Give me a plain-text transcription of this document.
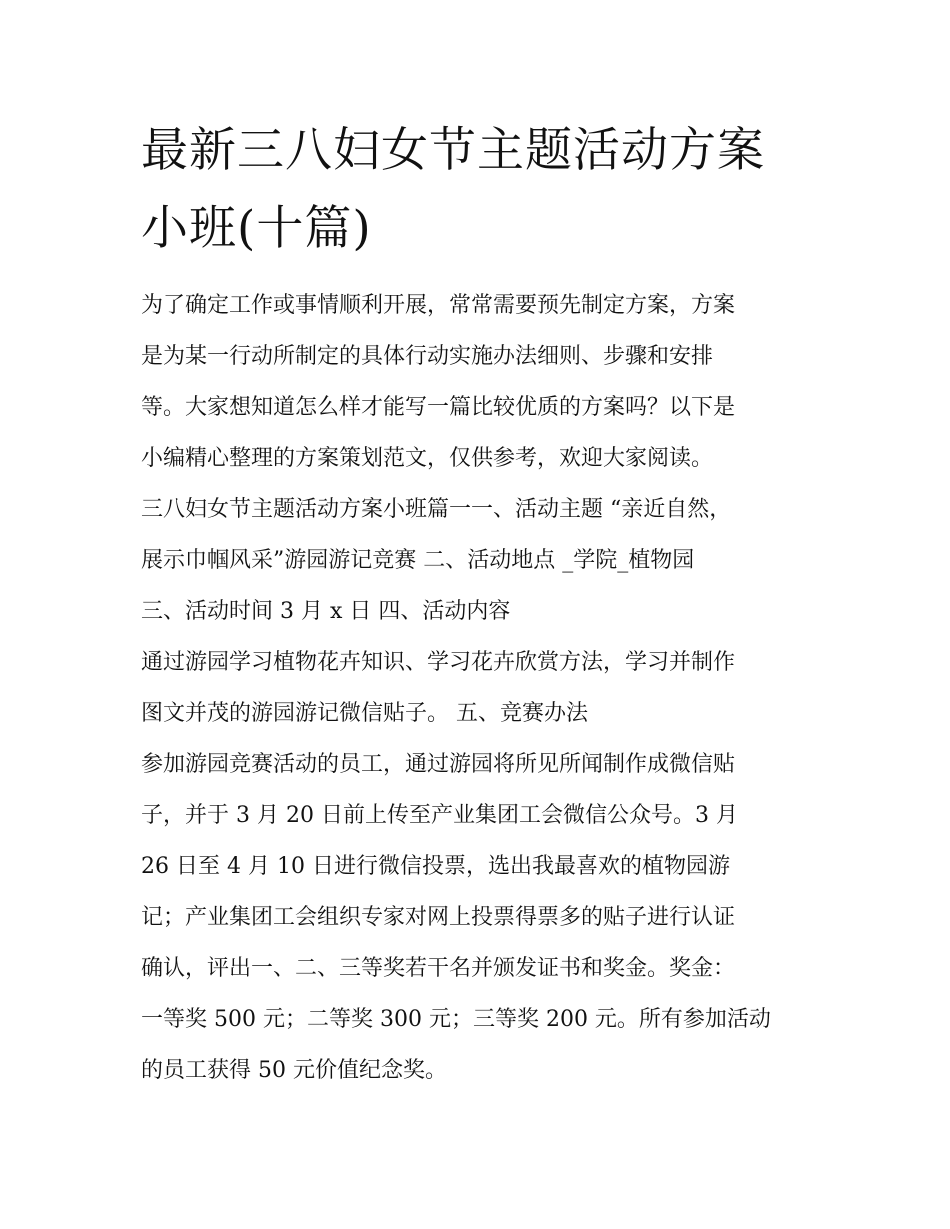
最新三八妇女节主题活动方案
小班(十篇)
为了确定工作或事情顺利开展，常常需要预先制定方案，方案
是为某一行动所制定的具体行动实施办法细则、步骤和安排
等。大家想知道怎么样才能写一篇比较优质的方案吗？以下是
小编精心整理的方案策划范文，仅供参考，欢迎大家阅读。
三八妇女节主题活动方案小班篇一一、活动主题 “亲近自然，
展示巾帼风采”游园游记竞赛 二、活动地点 _学院_植物园
三、活动时间 3 月 x 日 四、活动内容
通过游园学习植物花卉知识、学习花卉欣赏方法，学习并制作
图文并茂的游园游记微信贴子。 五、竞赛办法
参加游园竞赛活动的员工，通过游园将所见所闻制作成微信贴
子，并于 3 月 20 日前上传至产业集团工会微信公众号。3 月
26 日至 4 月 10 日进行微信投票，选出我最喜欢的植物园游
记；产业集团工会组织专家对网上投票得票多的贴子进行认证
确认，评出一、二、三等奖若干名并颁发证书和奖金。奖金：
一等奖 500 元；二等奖 300 元；三等奖 200 元。所有参加活动
的员工获得 50 元价值纪念奖。
